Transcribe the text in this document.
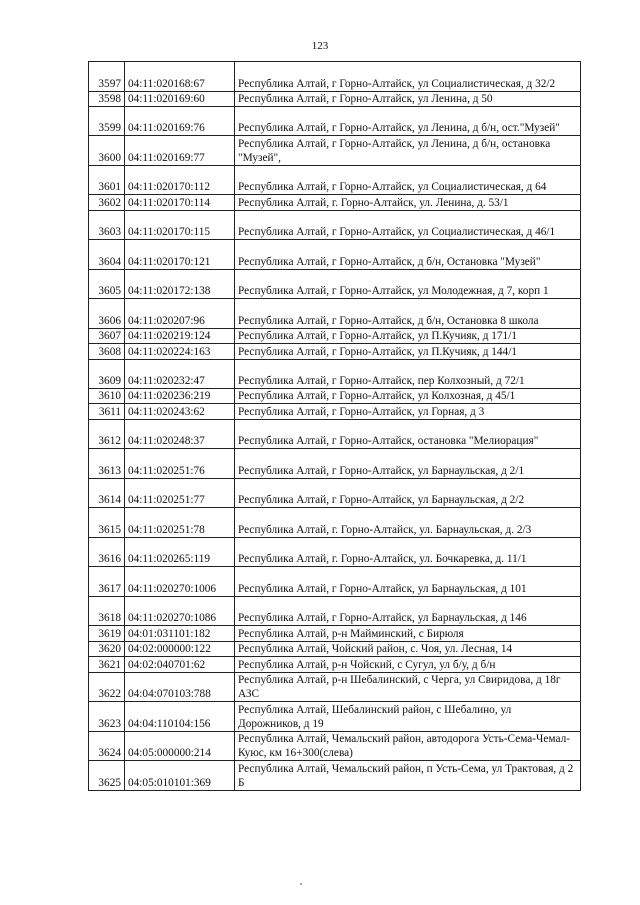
123
3597	04:11:020168:67	Республика Алтай, г Горно-Алтайск, ул Социалистическая, д 32/2
3598	04:11:020169:60	Республика Алтай, г Горно-Алтайск, ул Ленина, д 50
3599	04:11:020169:76	Республика Алтай, г Горно-Алтайск, ул Ленина, д б/н, ост."Музей"
3600	04:11:020169:77	Республика Алтай, г Горно-Алтайск, ул Ленина, д б/н, остановка "Музей",
3601	04:11:020170:112	Республика Алтай, г Горно-Алтайск, ул Социалистическая, д 64
3602	04:11:020170:114	Республика Алтай, г. Горно-Алтайск, ул. Ленина, д. 53/1
3603	04:11:020170:115	Республика Алтай, г Горно-Алтайск, ул Социалистическая, д 46/1
3604	04:11:020170:121	Республика Алтай, г Горно-Алтайск, д б/н, Остановка "Музей"
3605	04:11:020172:138	Республика Алтай, г Горно-Алтайск, ул Молодежная, д 7, корп 1
3606	04:11:020207:96	Республика Алтай, г Горно-Алтайск, д б/н, Остановка 8 школа
3607	04:11:020219:124	Республика Алтай, г Горно-Алтайск, ул П.Кучияк, д 171/1
3608	04:11:020224:163	Республика Алтай, г Горно-Алтайск, ул П.Кучияк, д 144/1
3609	04:11:020232:47	Республика Алтай, г Горно-Алтайск, пер Колхозный, д 72/1
3610	04:11:020236:219	Республика Алтай, г Горно-Алтайск, ул Колхозная, д 45/1
3611	04:11:020243:62	Республика Алтай, г Горно-Алтайск, ул Горная, д 3
3612	04:11:020248:37	Республика Алтай, г Горно-Алтайск, остановка "Мелиорация"
3613	04:11:020251:76	Республика Алтай, г Горно-Алтайск, ул Барнаульская, д 2/1
3614	04:11:020251:77	Республика Алтай, г Горно-Алтайск, ул Барнаульская, д 2/2
3615	04:11:020251:78	Республика Алтай, г. Горно-Алтайск, ул. Барнаульская, д. 2/3
3616	04:11:020265:119	Республика Алтай, г. Горно-Алтайск, ул. Бочкаревка, д. 11/1
3617	04:11:020270:1006	Республика Алтай, г Горно-Алтайск, ул Барнаульская, д 101
3618	04:11:020270:1086	Республика Алтай, г Горно-Алтайск, ул Барнаульская, д 146
3619	04:01:031101:182	Республика Алтай, р-н Майминский, с Бирюля
3620	04:02:000000:122	Республика Алтай, Чойский район, с. Чоя, ул. Лесная, 14
3621	04:02:040701:62	Республика Алтай, р-н Чойский, с Сугул, ул б/у, д б/н
3622	04:04:070103:788	Республика Алтай, р-н Шебалинский, с Черга, ул Свиридова, д 18г АЗС
3623	04:04:110104:156	Республика Алтай, Шебалинский район, с Шебалино, ул Дорожников, д 19
3624	04:05:000000:214	Республика Алтай, Чемальский район, автодорога Усть-Сема-Чемал-Куюс, км 16+300(слева)
3625	04:05:010101:369	Республика Алтай, Чемальский район, п Усть-Сема, ул Трактовая, д 2 Б
